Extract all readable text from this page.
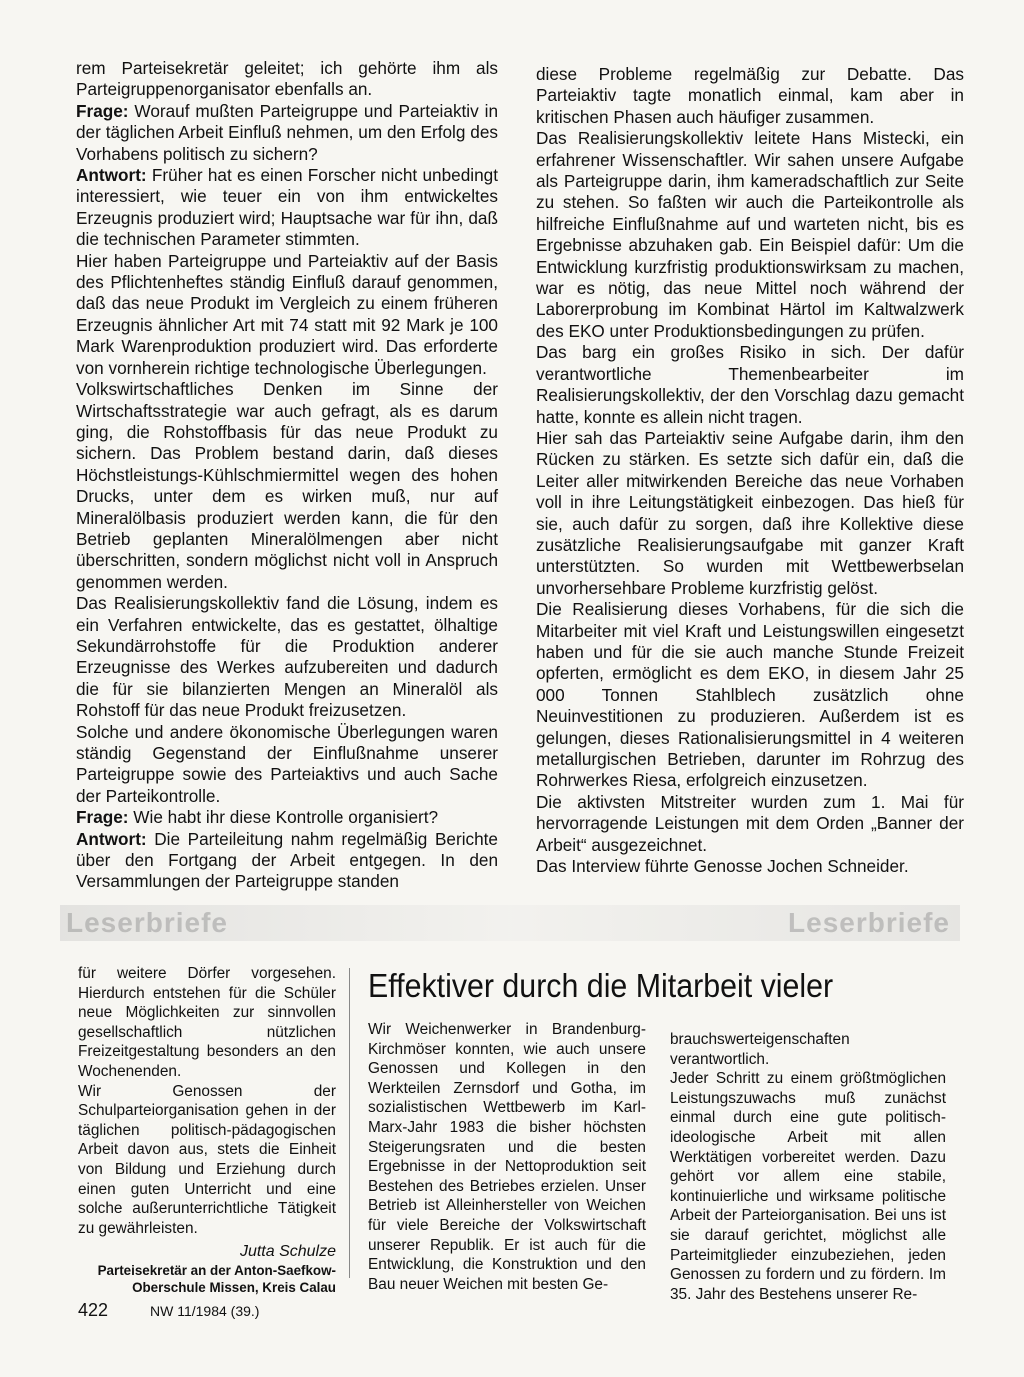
rem Parteisekretär geleitet; ich gehörte ihm als Parteigruppenorganisator ebenfalls an.

Frage: Worauf mußten Parteigruppe und Parteiaktiv in der täglichen Arbeit Einfluß nehmen, um den Erfolg des Vorhabens politisch zu sichern?

Antwort: Früher hat es einen Forscher nicht unbedingt interessiert, wie teuer ein von ihm entwickeltes Erzeugnis produziert wird; Hauptsache war für ihn, daß die technischen Parameter stimmten.

Hier haben Parteigruppe und Parteiaktiv auf der Basis des Pflichtenheftes ständig Einfluß darauf genommen, daß das neue Produkt im Vergleich zu einem früheren Erzeugnis ähnlicher Art mit 74 statt mit 92 Mark je 100 Mark Warenproduktion produziert wird. Das erforderte von vornherein richtige technologische Überlegungen.

Volkswirtschaftliches Denken im Sinne der Wirtschaftsstrategie war auch gefragt, als es darum ging, die Rohstoffbasis für das neue Produkt zu sichern. Das Problem bestand darin, daß dieses Höchstleistungs-Kühlschmiermittel wegen des hohen Drucks, unter dem es wirken muß, nur auf Mineralölbasis produziert werden kann, die für den Betrieb geplanten Mineralölmengen aber nicht überschritten, sondern möglichst nicht voll in Anspruch genommen werden.

Das Realisierungskollektiv fand die Lösung, indem es ein Verfahren entwickelte, das es gestattet, ölhaltige Sekundärrohstoffe für die Produktion anderer Erzeugnisse des Werkes aufzubereiten und dadurch die für sie bilanzierten Mengen an Mineralöl als Rohstoff für das neue Produkt freizusetzen.

Solche und andere ökonomische Überlegungen waren ständig Gegenstand der Einflußnahme unserer Parteigruppe sowie des Parteiaktivs und auch Sache der Parteikontrolle.

Frage: Wie habt ihr diese Kontrolle organisiert?

Antwort: Die Parteileitung nahm regelmäßig Berichte über den Fortgang der Arbeit entgegen. In den Versammlungen der Parteigruppe standen

diese Probleme regelmäßig zur Debatte. Das Parteiaktiv tagte monatlich einmal, kam aber in kritischen Phasen auch häufiger zusammen.

Das Realisierungskollektiv leitete Hans Mistecki, ein erfahrener Wissenschaftler. Wir sahen unsere Aufgabe als Parteigruppe darin, ihm kameradschaftlich zur Seite zu stehen. So faßten wir auch die Parteikontrolle als hilfreiche Einflußnahme auf und warteten nicht, bis es Ergebnisse abzuhaken gab. Ein Beispiel dafür: Um die Entwicklung kurzfristig produktionswirksam zu machen, war es nötig, das neue Mittel noch während der Laborerprobung im Kombinat Härtol im Kaltwalzwerk des EKO unter Produktionsbedingungen zu prüfen.

Das barg ein großes Risiko in sich. Der dafür verantwortliche Themenbearbeiter im Realisierungskollektiv, der den Vorschlag dazu gemacht hatte, konnte es allein nicht tragen.

Hier sah das Parteiaktiv seine Aufgabe darin, ihm den Rücken zu stärken. Es setzte sich dafür ein, daß die Leiter aller mitwirkenden Bereiche das neue Vorhaben voll in ihre Leitungstätigkeit einbezogen. Das hieß für sie, auch dafür zu sorgen, daß ihre Kollektive diese zusätzliche Realisierungsaufgabe mit ganzer Kraft unterstützten. So wurden mit Wettbewerbselan unvorhersehbare Probleme kurzfristig gelöst.

Die Realisierung dieses Vorhabens, für die sich die Mitarbeiter mit viel Kraft und Leistungswillen eingesetzt haben und für die sie auch manche Stunde Freizeit opferten, ermöglicht es dem EKO, in diesem Jahr 25 000 Tonnen Stahlblech zusätzlich ohne Neuinvestitionen zu produzieren. Außerdem ist es gelungen, dieses Rationalisierungsmittel in 4 weiteren metallurgischen Betrieben, darunter im Rohrzug des Rohrwerkes Riesa, erfolgreich einzusetzen.

Die aktivsten Mitstreiter wurden zum 1. Mai für hervorragende Leistungen mit dem Orden „Banner der Arbeit“ ausgezeichnet.

Das Interview führte Genosse Jochen Schneider.

Leserbriefe	Leserbriefe

für weitere Dörfer vorgesehen. Hierdurch entstehen für die Schüler neue Möglichkeiten zur sinnvollen gesellschaftlich nützlichen Freizeitgestaltung besonders an den Wochenenden.

Wir Genossen der Schulparteiorganisation gehen in der täglichen politisch-pädagogischen Arbeit davon aus, stets die Einheit von Bildung und Erziehung durch einen guten Unterricht und eine solche außerunterrichtliche Tätigkeit zu gewährleisten.

Jutta Schulze

Parteisekretär an der Anton-Saefkow-Oberschule Missen, Kreis Calau

Effektiver durch die Mitarbeit vieler

Wir Weichenwerker in Brandenburg-Kirchmöser konnten, wie auch unsere Genossen und Kollegen in den Werkteilen Zernsdorf und Gotha, im sozialistischen Wettbewerb im Karl-Marx-Jahr 1983 die bisher höchsten Steigerungsraten und die besten Ergebnisse in der Nettoproduktion seit Bestehen des Betriebes erzielen. Unser Betrieb ist Alleinhersteller von Weichen für viele Bereiche der Volkswirtschaft unserer Republik. Er ist auch für die Entwicklung, die Konstruktion und den Bau neuer Weichen mit besten Ge-

brauchswerteigenschaften verantwortlich.

Jeder Schritt zu einem größtmöglichen Leistungszuwachs muß zunächst einmal durch eine gute politisch-ideologische Arbeit mit allen Werktätigen vorbereitet werden. Dazu gehört vor allem eine stabile, kontinuierliche und wirksame politische Arbeit der Parteiorganisation. Bei uns ist sie darauf gerichtet, möglichst alle Parteimitglieder einzubeziehen, jeden Genossen zu fordern und zu fördern. Im 35. Jahr des Bestehens unserer Re-

422	NW 11/1984 (39.)
